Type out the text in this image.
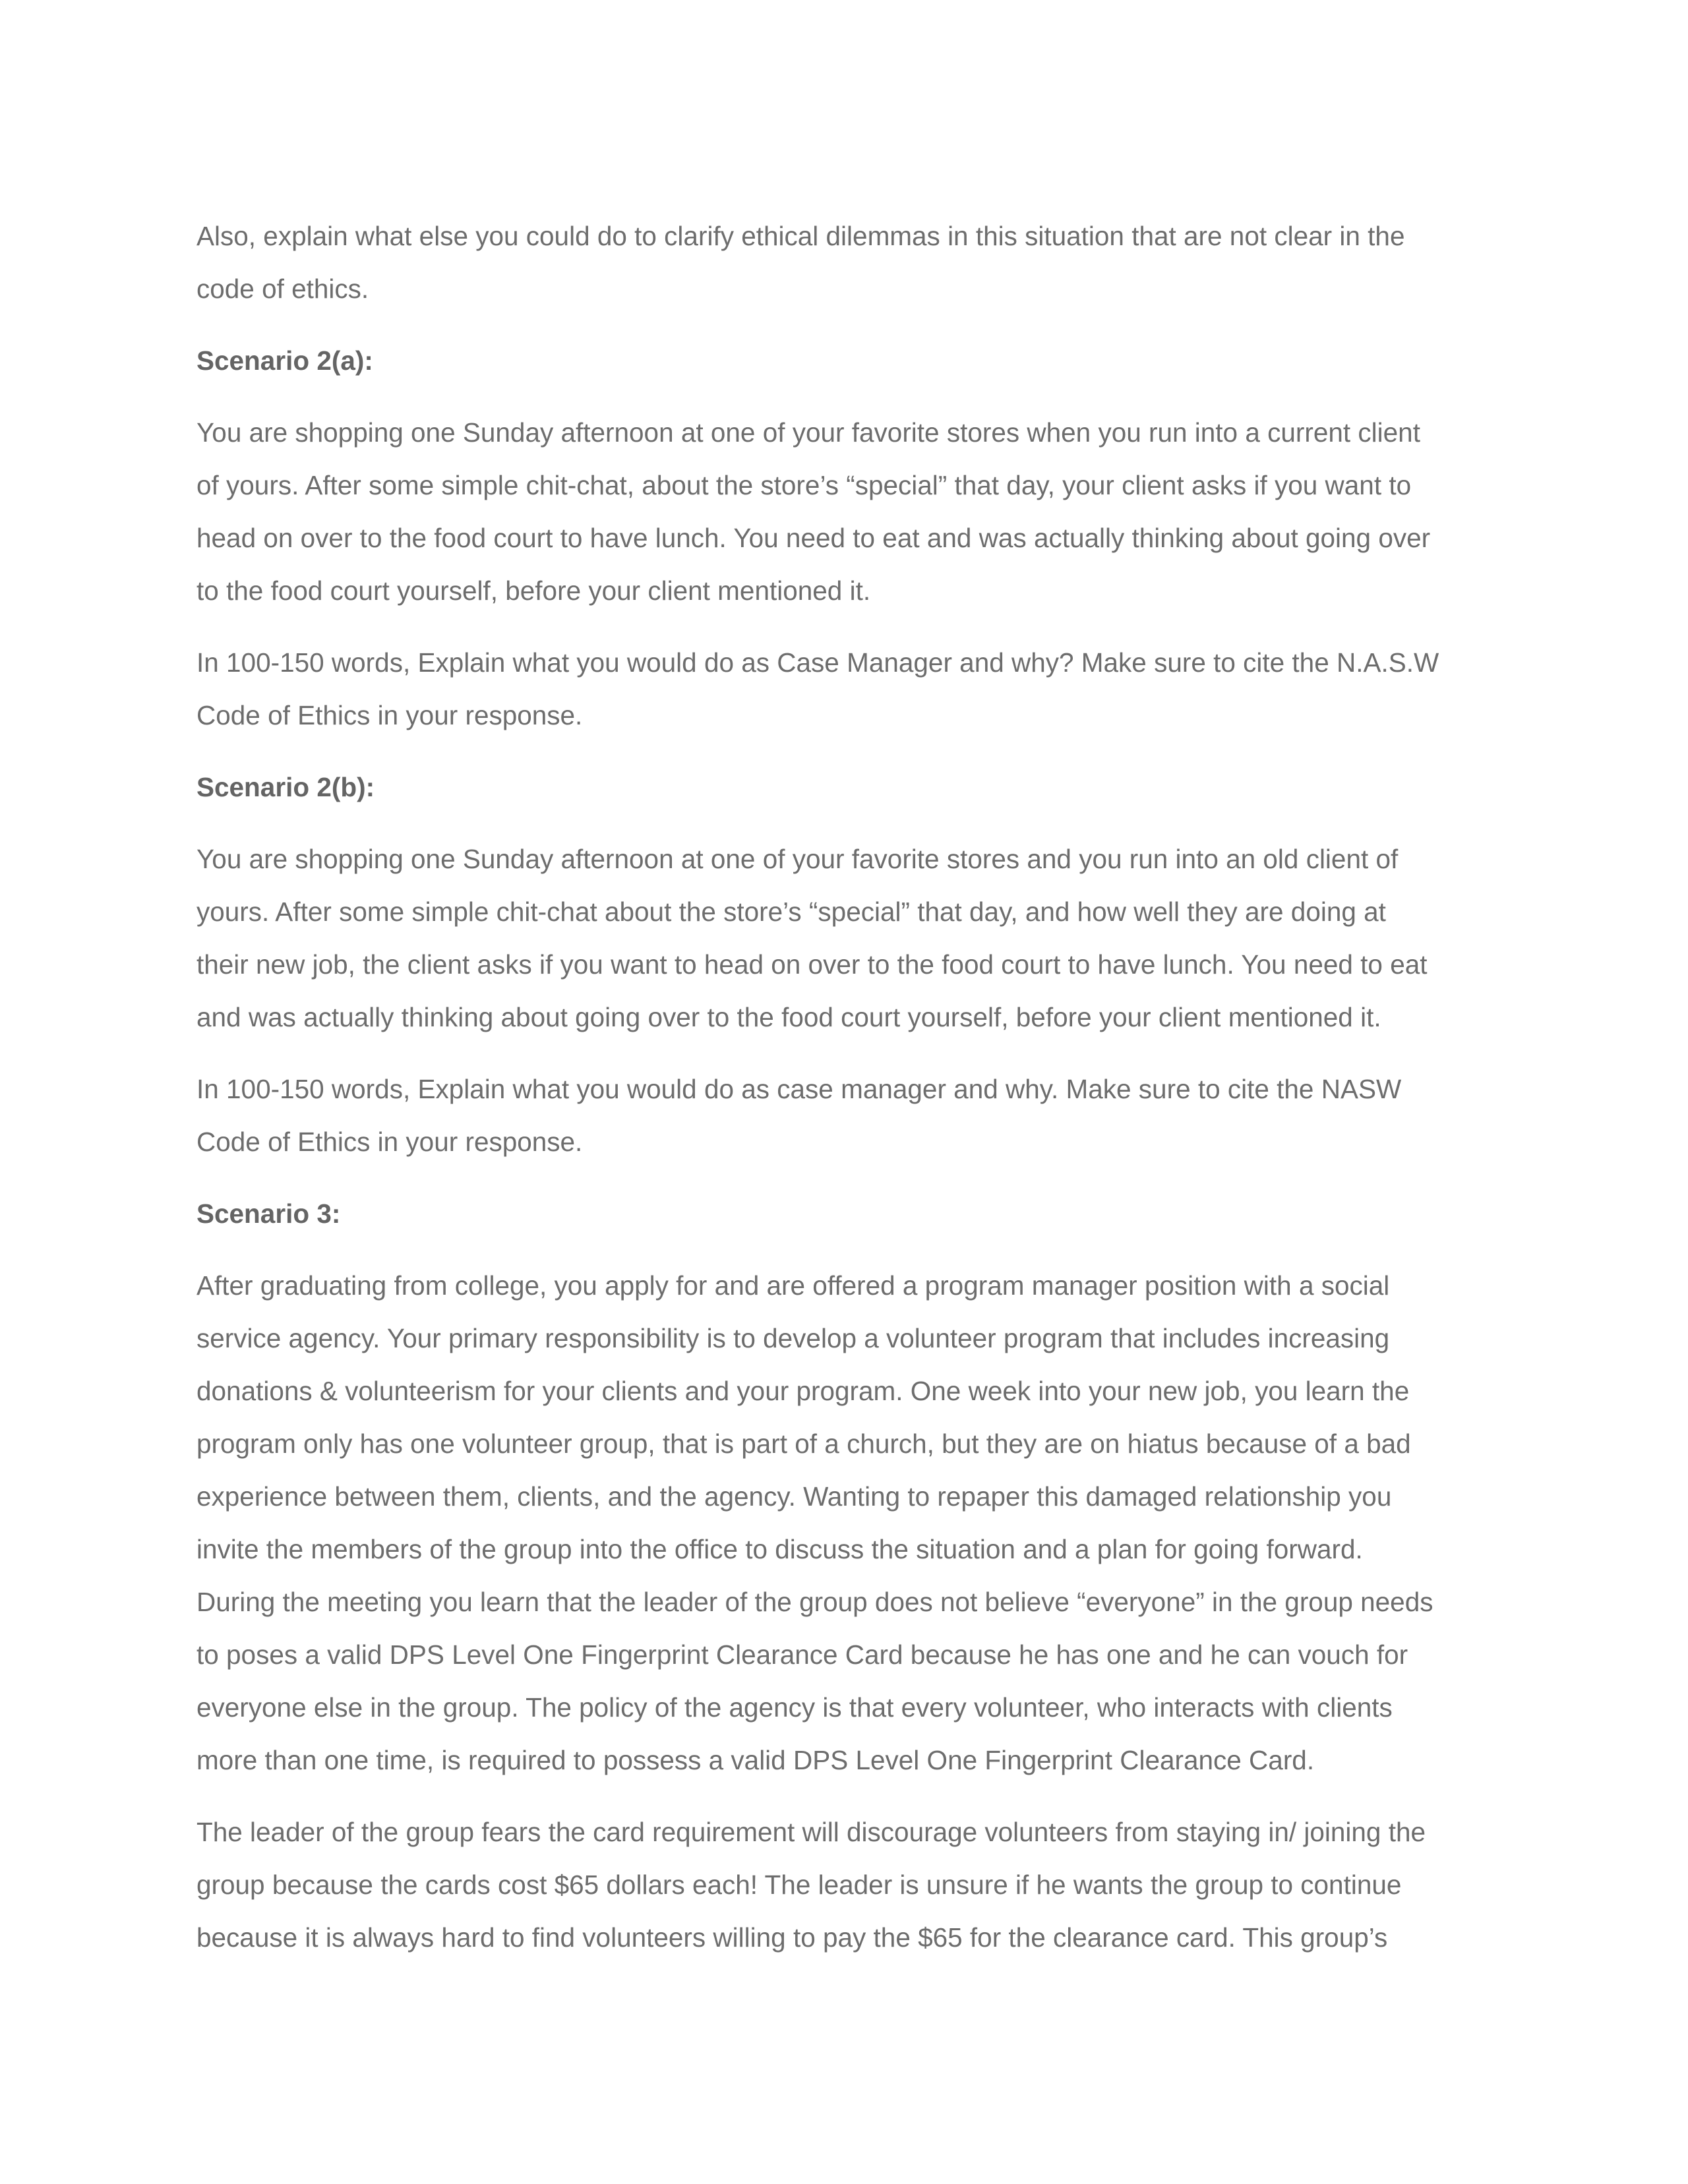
Also, explain what else you could do to clarify ethical dilemmas in this situation that are not clear in the
code of ethics.

Scenario 2(a):

You are shopping one Sunday afternoon at one of your favorite stores when you run into a current client
of yours. After some simple chit-chat, about the store’s “special” that day, your client asks if you want to
head on over to the food court to have lunch. You need to eat and was actually thinking about going over
to the food court yourself, before your client mentioned it.

In 100-150 words, Explain what you would do as Case Manager and why? Make sure to cite the N.A.S.W
Code of Ethics in your response.

Scenario 2(b):

You are shopping one Sunday afternoon at one of your favorite stores and you run into an old client of
yours. After some simple chit-chat about the store’s “special” that day, and how well they are doing at
their new job, the client asks if you want to head on over to the food court to have lunch. You need to eat
and was actually thinking about going over to the food court yourself, before your client mentioned it.

In 100-150 words, Explain what you would do as case manager and why. Make sure to cite the NASW
Code of Ethics in your response.

Scenario 3:

After graduating from college, you apply for and are offered a program manager position with a social
service agency. Your primary responsibility is to develop a volunteer program that includes increasing
donations & volunteerism for your clients and your program. One week into your new job, you learn the
program only has one volunteer group, that is part of a church, but they are on hiatus because of a bad
experience between them, clients, and the agency. Wanting to repaper this damaged relationship you
invite the members of the group into the office to discuss the situation and a plan for going forward.
During the meeting you learn that the leader of the group does not believe “everyone” in the group needs
to poses a valid DPS Level One Fingerprint Clearance Card because he has one and he can vouch for
everyone else in the group. The policy of the agency is that every volunteer, who interacts with clients
more than one time, is required to possess a valid DPS Level One Fingerprint Clearance Card.

The leader of the group fears the card requirement will discourage volunteers from staying in/ joining the
group because the cards cost $65 dollars each! The leader is unsure if he wants the group to continue
because it is always hard to find volunteers willing to pay the $65 for the clearance card. This group’s
